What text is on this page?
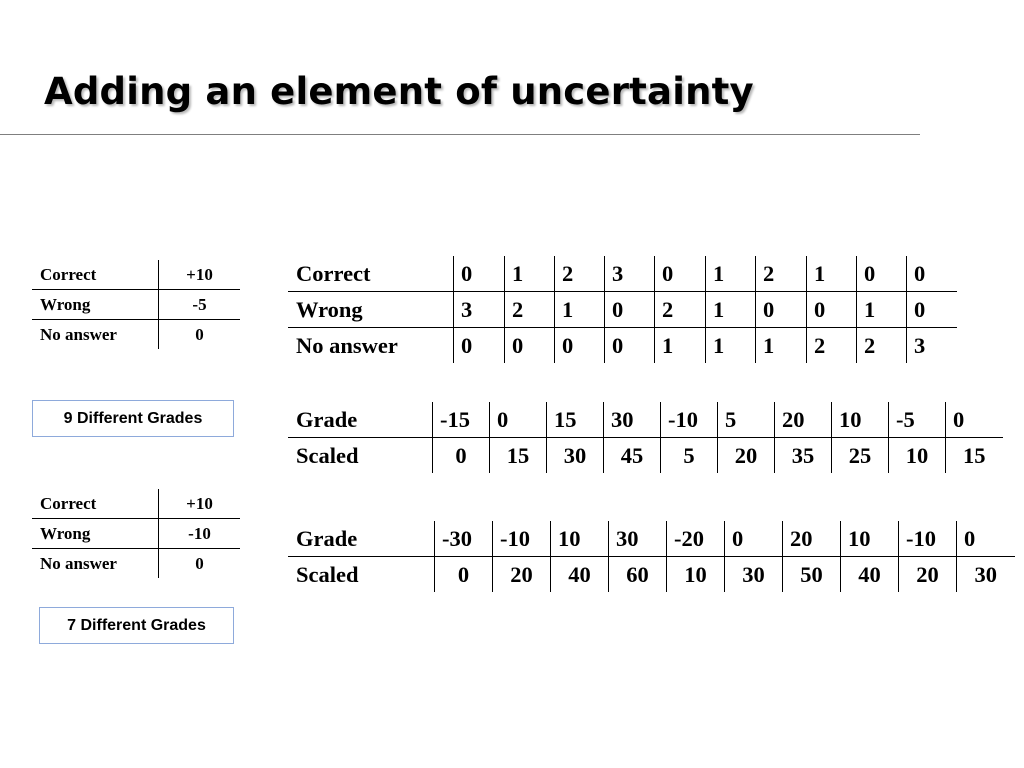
Adding an element of uncertainty
Correct	+10
Wrong	-5
No answer	0
9 Different Grades
Correct	+10
Wrong	-10
No answer	0
7 Different Grades
Correct	0	1	2	3	0	1	2	1	0	0
Wrong	3	2	1	0	2	1	0	0	1	0
No answer	0	0	0	0	1	1	1	2	2	3
Grade	-15	0	15	30	-10	5	20	10	-5	0
Scaled	0	15	30	45	5	20	35	25	10	15
Grade	-30	-10	10	30	-20	0	20	10	-10	0
Scaled	0	20	40	60	10	30	50	40	20	30
